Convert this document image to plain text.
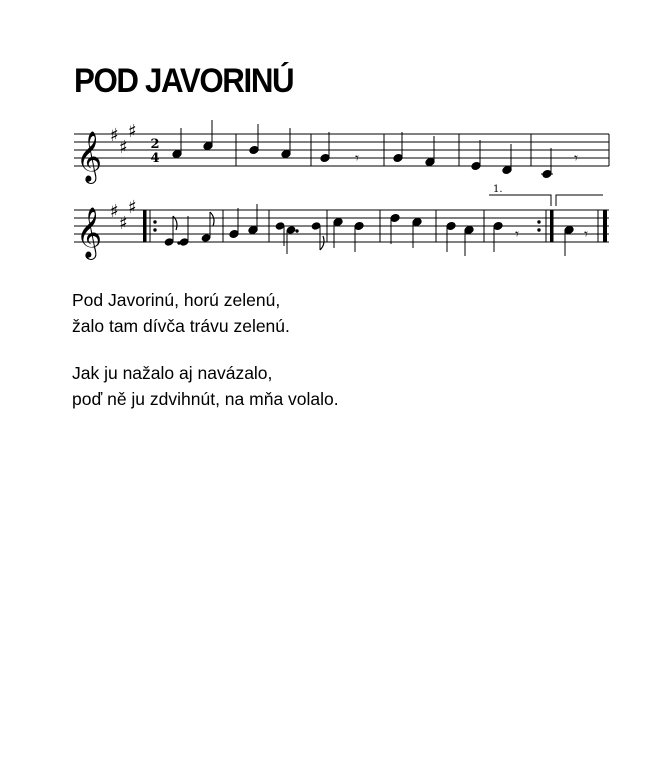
POD JAVORINÚ
𝄞 ♯
♯
♯
2
4	𝄾	𝄾
1.
𝄞 ♯
♯
♯
𝄾	𝄾
Pod Javorinú, horú zelenú,
žalo tam dívča trávu zelenú.
Jak ju nažalo aj navázalo,
poď ně ju zdvihnút, na mňa volalo.
